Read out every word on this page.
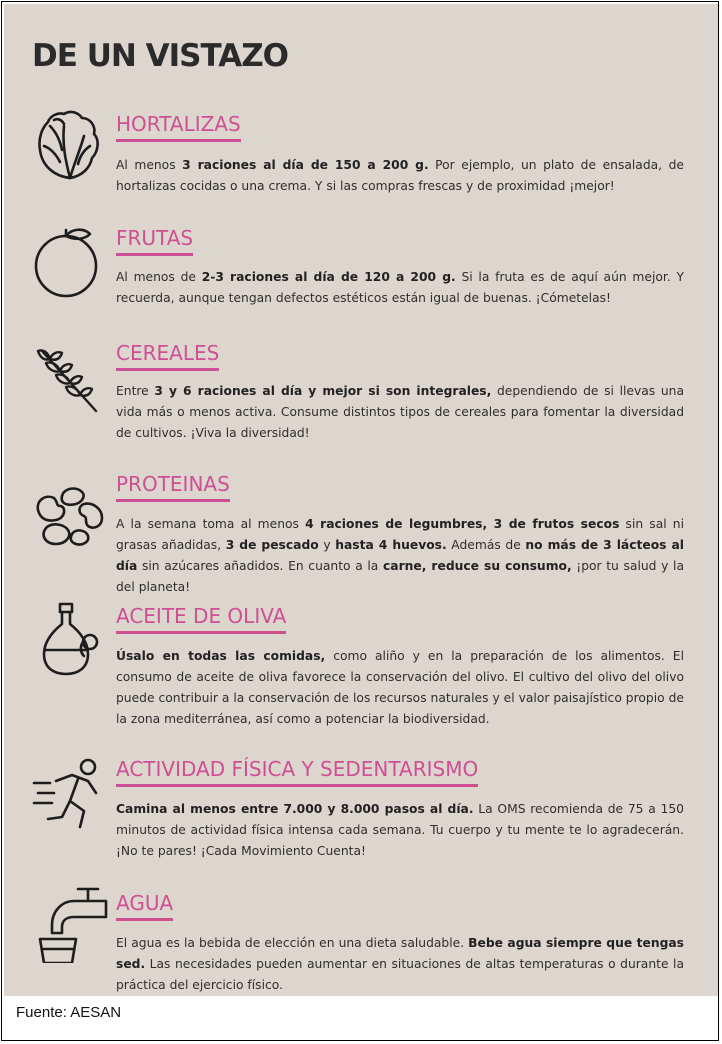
DE UN VISTAZO
HORTALIZAS

Al menos 3 raciones al día de 150 a 200 g. Por ejemplo, un plato de ensalada, de hortalizas cocidas o una crema. Y si las compras frescas y de proximidad ¡mejor!

FRUTAS

Al menos de 2-3 raciones al día de 120 a 200 g. Si la fruta es de aquí aún mejor. Y recuerda, aunque tengan defectos estéticos están igual de buenas. ¡Cómetelas!

CEREALES

Entre 3 y 6 raciones al día y mejor si son integrales, dependiendo de si llevas una vida más o menos activa. Consume distintos tipos de cereales para fomentar la diversidad de cultivos. ¡Viva la diversidad!

PROTEINAS

A la semana toma al menos 4 raciones de legumbres, 3 de frutos secos sin sal ni grasas añadidas, 3 de pescado y hasta 4 huevos. Además de no más de 3 lácteos al día sin azúcares añadidos. En cuanto a la carne, reduce su consumo, ¡por tu salud y la del planeta!

ACEITE DE OLIVA

Úsalo en todas las comidas, como aliño y en la preparación de los alimentos. El consumo de aceite de oliva favorece la conservación del olivo. El cultivo del olivo del olivo puede contribuir a la conservación de los recursos naturales y el valor paisajístico propio de la zona mediterránea, así como a potenciar la biodiversidad.

ACTIVIDAD FÍSICA Y SEDENTARISMO

Camina al menos entre 7.000 y 8.000 pasos al día. La OMS recomienda de 75 a 150 minutos de actividad física intensa cada semana. Tu cuerpo y tu mente te lo agradecerán. ¡No te pares! ¡Cada Movimiento Cuenta!

AGUA

El agua es la bebida de elección en una dieta saludable. Bebe agua siempre que tengas sed. Las necesidades pueden aumentar en situaciones de altas temperaturas o durante la práctica del ejercicio físico.

Fuente: AESAN
